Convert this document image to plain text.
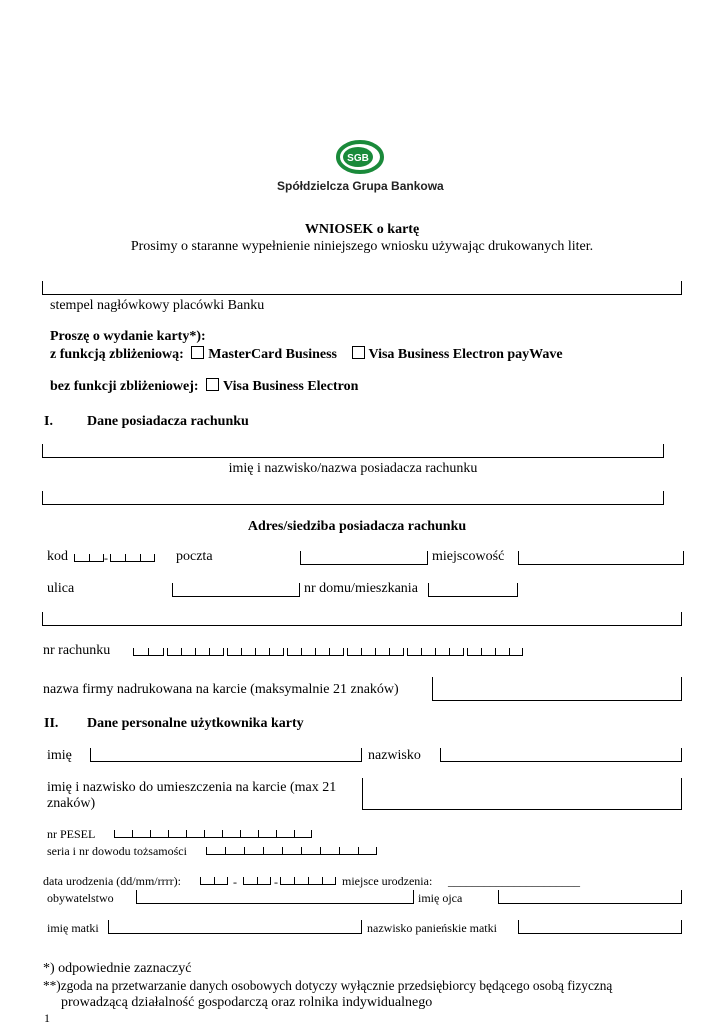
SGB
Spółdzielcza Grupa Bankowa
WNIOSEK o kartę
Prosimy o staranne wypełnienie niniejszego wniosku używając drukowanych liter.
stempel nagłówkowy placówki Banku
Proszę o wydanie karty*):
z funkcją zbliżeniową: MasterCard Business Visa Business Electron payWave
bez funkcji zbliżeniowej: Visa Business Electron
I. Dane posiadacza rachunku
imię i nazwisko/nazwa posiadacza rachunku
Adres/siedziba posiadacza rachunku
kod	-	poczta	miejscowość
ulica	nr domu/mieszkania
nr rachunku
nazwa firmy nadrukowana na karcie (maksymalnie 21 znaków)
II. Dane personalne użytkownika karty
imię	nazwisko
imię i nazwisko do umieszczenia na karcie (max 21
znaków)
nr PESEL
seria i nr dowodu tożsamości
data urodzenia (dd/mm/rrrr):	-	-	miejsce urodzenia: ______________________
obywatelstwo	imię ojca
imię matki	nazwisko panieńskie matki
*) odpowiednie zaznaczyć
**)zgoda na przetwarzanie danych osobowych dotyczy wyłącznie przedsiębiorcy będącego osobą fizyczną
prowadzącą działalność gospodarczą oraz rolnika indywidualnego
1
